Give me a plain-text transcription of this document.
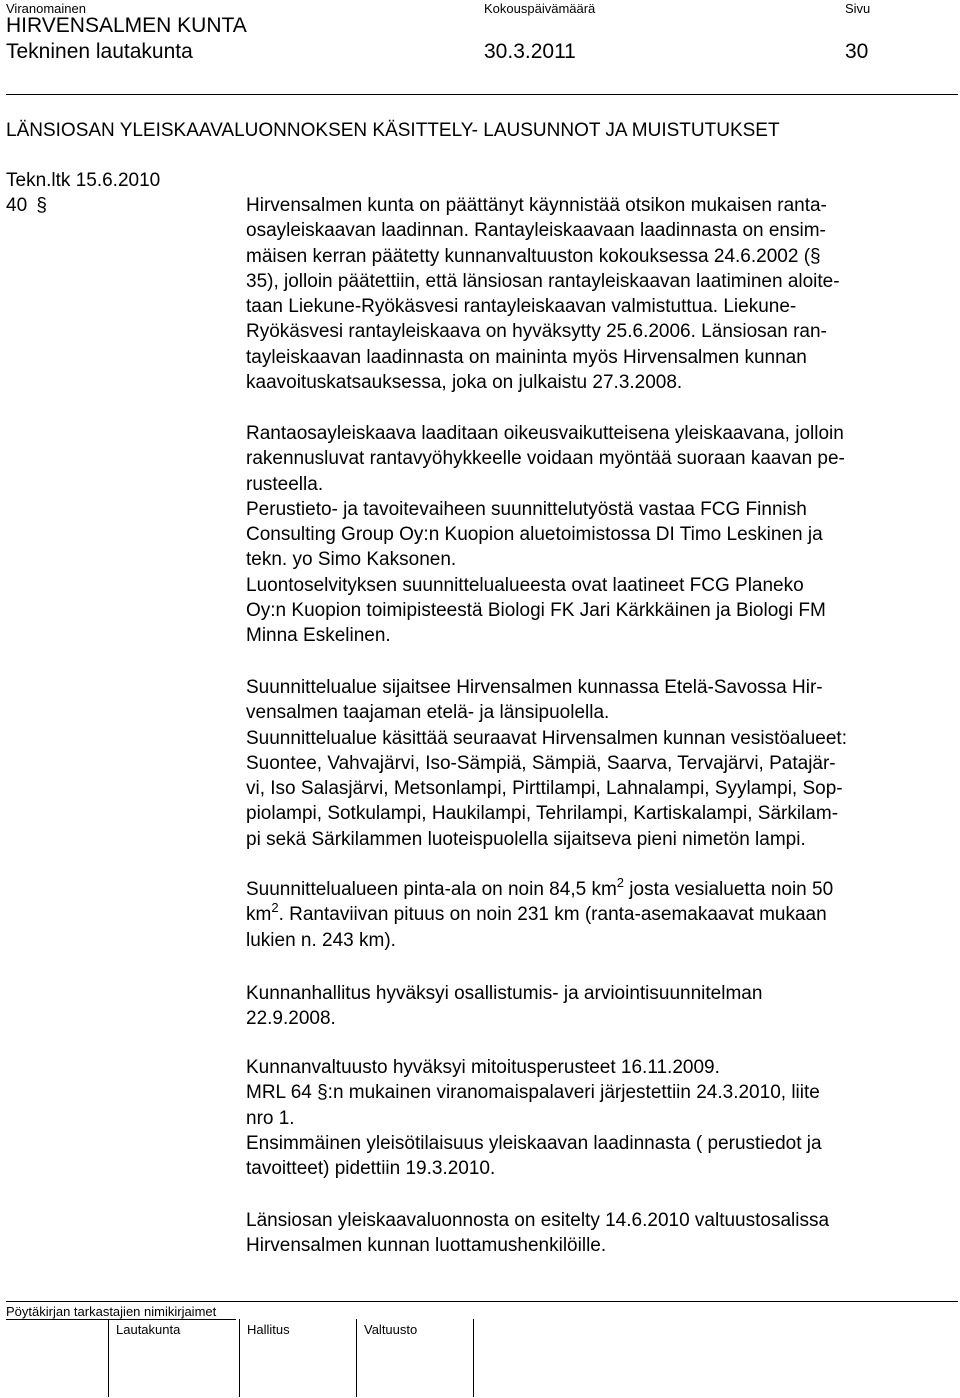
Viranomainen	Kokouspäivämäärä	Sivu
HIRVENSALMEN KUNTA
Tekninen lautakunta	30.3.2011	30
LÄNSIOSAN YLEISKAAVALUONNOKSEN KÄSITTELY- LAUSUNNOT JA MUISTUTUKSET
Tekn.ltk 15.6.2010
40 §	Hirvensalmen kunta on päättänyt käynnistää otsikon mukaisen ranta-
osayleiskaavan laadinnan. Rantayleiskaavaan laadinnasta on ensim-
mäisen kerran päätetty kunnanvaltuuston kokouksessa 24.6.2002 (§
35), jolloin päätettiin, että länsiosan rantayleiskaavan laatiminen aloite-
taan Liekune-Ryökäsvesi rantayleiskaavan valmistuttua. Liekune-
Ryökäsvesi rantayleiskaava on hyväksytty 25.6.2006. Länsiosan ran-
tayleiskaavan laadinnasta on maininta myös Hirvensalmen kunnan
kaavoituskatsauksessa, joka on julkaistu 27.3.2008.
Rantaosayleiskaava laaditaan oikeusvaikutteisena yleiskaavana, jolloin
rakennusluvat rantavyöhykkeelle voidaan myöntää suoraan kaavan pe-
rusteella.
Perustieto- ja tavoitevaiheen suunnittelutyöstä vastaa FCG Finnish
Consulting Group Oy:n Kuopion aluetoimistossa DI Timo Leskinen ja
tekn. yo Simo Kaksonen.
Luontoselvityksen suunnittelualueesta ovat laatineet FCG Planeko
Oy:n Kuopion toimipisteestä Biologi FK Jari Kärkkäinen ja Biologi FM
Minna Eskelinen.
Suunnittelualue sijaitsee Hirvensalmen kunnassa Etelä-Savossa Hir-
vensalmen taajaman etelä- ja länsipuolella.
Suunnittelualue käsittää seuraavat Hirvensalmen kunnan vesistöalueet:
Suontee, Vahvajärvi, Iso-Sämpiä, Sämpiä, Saarva, Tervajärvi, Patajär-
vi, Iso Salasjärvi, Metsonlampi, Pirttilampi, Lahnalampi, Syylampi, Sop-
piolampi, Sotkulampi, Haukilampi, Tehrilampi, Kartiskalampi, Särkilam-
pi sekä Särkilammen luoteispuolella sijaitseva pieni nimetön lampi.
Suunnittelualueen pinta-ala on noin 84,5 $km^2$ josta vesialuetta noin 50
$km^2$. Rantaviivan pituus on noin 231 km (ranta-asemakaavat mukaan
lukien n. 243 km).
Kunnanhallitus hyväksyi osallistumis- ja arviointisuunnitelman
22.9.2008.
Kunnanvaltuusto hyväksyi mitoitusperusteet 16.11.2009.
MRL 64 §:n mukainen viranomaispalaveri järjestettiin 24.3.2010, liite
nro 1.
Ensimmäinen yleisötilaisuus yleiskaavan laadinnasta ( perustiedot ja
tavoitteet) pidettiin 19.3.2010.
Länsiosan yleiskaavaluonnosta on esitelty 14.6.2010 valtuustosalissa
Hirvensalmen kunnan luottamushenkilöille.
Pöytäkirjan tarkastajien nimikirjaimet
Lautakunta	Hallitus	Valtuusto
